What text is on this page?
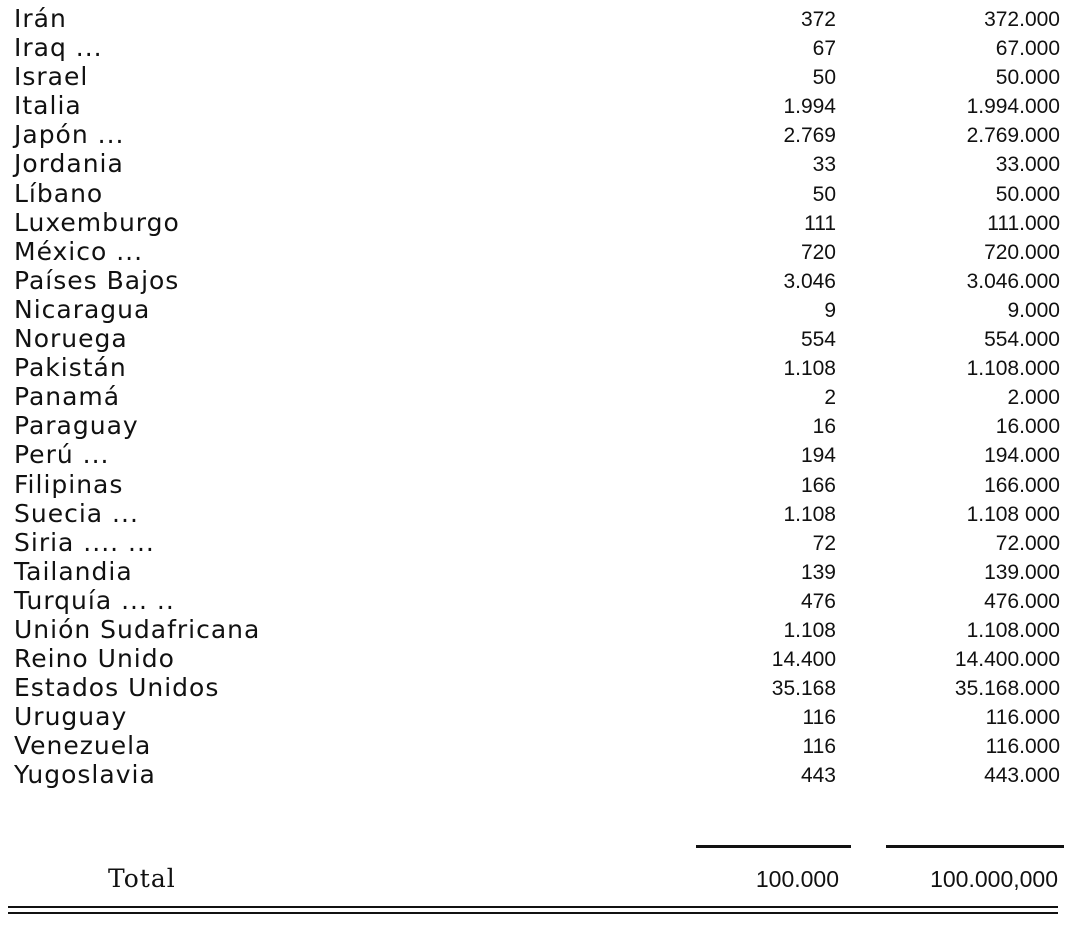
Irán	372	372.000
Iraq ...	67	67.000
Israel	50	50.000
Italia	1.994	1.994.000
Japón ...	2.769	2.769.000
Jordania	33	33.000
Líbano	50	50.000
Luxemburgo	111	111.000
México ...	720	720.000
Países Bajos	3.046	3.046.000
Nicaragua	9	9.000
Noruega	554	554.000
Pakistán	1.108	1.108.000
Panamá	2	2.000
Paraguay	16	16.000
Perú ...	194	194.000
Filipinas	166	166.000
Suecia ...	1.108	1.108 000
Siria .... ...	72	72.000
Tailandia	139	139.000
Turquía ... ..	476	476.000
Unión Sudafricana	1.108	1.108.000
Reino Unido	14.400	14.400.000
Estados Unidos	35.168	35.168.000
Uruguay	116	116.000
Venezuela	116	116.000
Yugoslavia	443	443.000
Total	100.000	100.000,000
